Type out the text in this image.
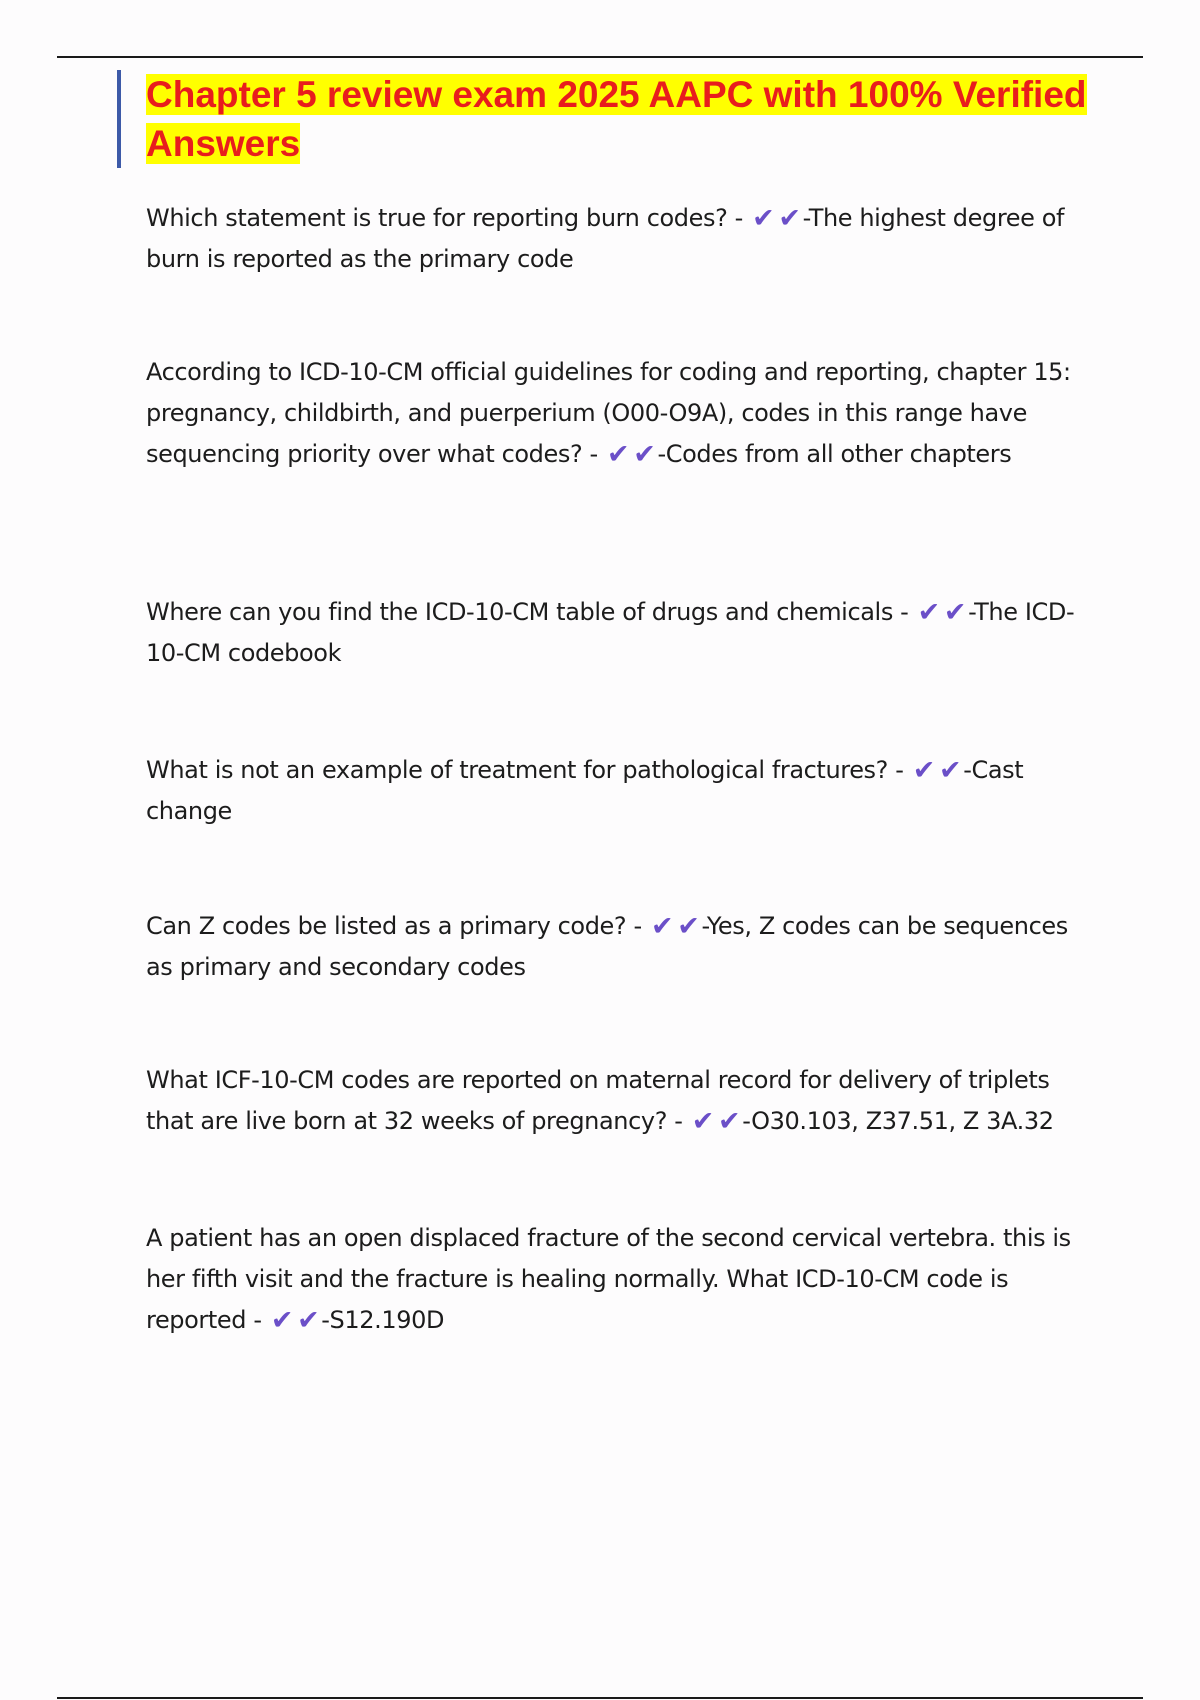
Chapter 5 review exam 2025 AAPC with 100% Verified Answers

Which statement is true for reporting burn codes? - ✔ ✔-The highest degree of burn is reported as the primary code

According to ICD-10-CM official guidelines for coding and reporting, chapter 15: pregnancy, childbirth, and puerperium (O00-O9A), codes in this range have sequencing priority over what codes? - ✔ ✔-Codes from all other chapters

Where can you find the ICD-10-CM table of drugs and chemicals - ✔ ✔-The ICD-10-CM codebook

What is not an example of treatment for pathological fractures? - ✔ ✔-Cast change

Can Z codes be listed as a primary code? - ✔ ✔-Yes, Z codes can be sequences as primary and secondary codes

What ICF-10-CM codes are reported on maternal record for delivery of triplets that are live born at 32 weeks of pregnancy? - ✔ ✔-O30.103, Z37.51, Z 3A.32

A patient has an open displaced fracture of the second cervical vertebra. this is her fifth visit and the fracture is healing normally. What ICD-10-CM code is reported - ✔ ✔-S12.190D
